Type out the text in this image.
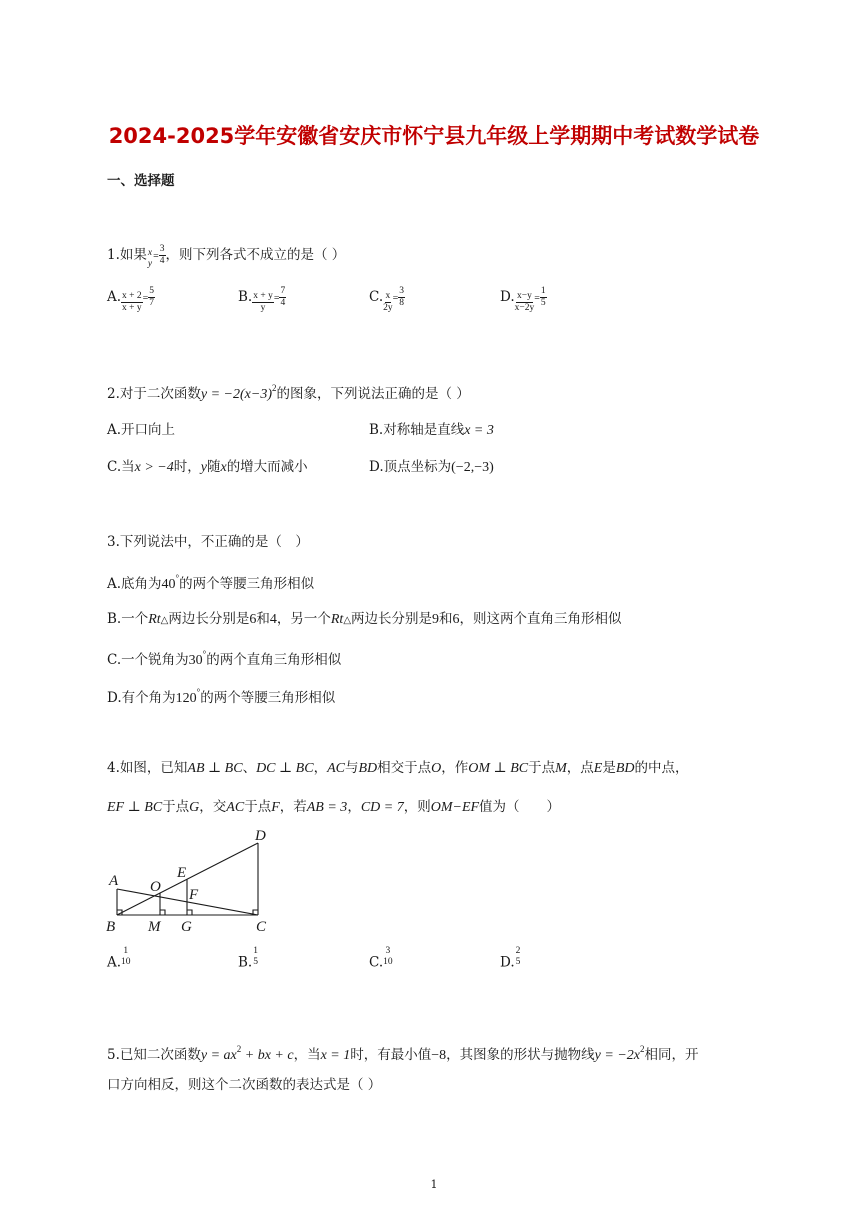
2024-2025学年安徽省安庆市怀宁县九年级上学期期中考试数学试卷
一、选择题
1.如果 x
y
= $\frac{3}{4}$ ，则下列各式不成立的是（ ）
A. $\frac{x + 2}{x + y} = \frac{5}{7}$	B. $\frac{x + y}{y} = \frac{7}{4}$	C. $\frac{x}{2y} = \frac{3}{8}$	D. $\frac{x-y}{x-2y} = \frac{1}{5}$
2.对于二次函数$y = -2(x-3)^2$的图象，下列说法正确的是（ ）
A.开口向上	B.对称轴是直线x = 3
C.当x > −4时，y随x的增大而减小	D.顶点坐标为(−2,−3)
3.下列说法中，不正确的是（　）
A.底角为40°的两个等腰三角形相似
B.一个Rt△两边长分别是6和4，另一个Rt△两边长分别是9和6，则这两个直角三角形相似
C.一个锐角为30°的两个直角三角形相似
D.有个角为120°的两个等腰三角形相似
4.如图，已知AB ⊥ BC、DC ⊥ BC，AC与BD相交于点O，作OM ⊥ BC于点M，点E是BD的中点，
EF ⊥ BC于点G，交AC于点F，若AB = 3，CD = 7，则OM−EF值为（　　）
A
B	C
D
E
F
G
M
O
A.
1
10	B.
1
5	C.
3
10	D.
2
5
5.已知二次函数$y = ax^2$ + bx + c，当x = 1时，有最小值−8，其图象的形状与抛物线$y = -2x^2$相同，开
口方向相反，则这个二次函数的表达式是（ ）
1
